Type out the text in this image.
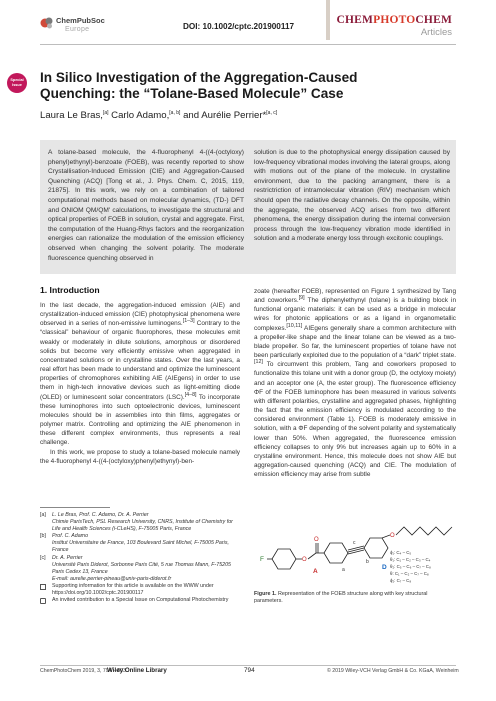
ChemPubSoc
Europe	DOI: 10.1002/cptc.201900117
CHEMPHOTOCHEM
Articles
Special
Issue	In Silico Investigation of the Aggregation-Caused
Quenching: the “Tolane-Based Molecule” Case
Laura Le Bras,[a] Carlo Adamo,[a, b] and Aurélie Perrier*[a, c]
A tolane-based molecule, the 4-fluorophenyl 4-((4-(octyloxy) phenyl)ethynyl)-benzoate (FOEB), was recently reported to show Crystallisation-Induced Emission (CIE) and Aggregation-Caused Quenching (ACQ) [Tong et al., J. Phys. Chem. C, 2015, 119, 21875]. In this work, we rely on a combination of tailored computational methods based on molecular dynamics, (TD-) DFT and ONIOM QM/QM' calculations, to investigate the structural and optical properties of FOEB in solution, crystal and aggregate. First, the computation of the Huang-Rhys factors and the reorganization energies can rationalize the modulation of the emission efficiency observed when changing the solvent polarity. The moderate fluorescence quenching observed in
solution is due to the photophysical energy dissipation caused by low-frequency vibrational modes involving the lateral groups, along with motions out of the plane of the molecule. In crystalline environment, due to the packing arrangment, there is a restrictriction of intramolecular vibration (RIV) mechanism which should open the radiative decay channels. On the opposite, within the aggregate, the observed ACQ arises from two different phenomena, the energy dissipation during the internal conversion process through the low-frequency vibration mode identified in solution and a moderate energy loss through excitonic couplings.
1. Introduction

In the last decade, the aggregation-induced emission (AIE) and crystallization-induced emission (CIE) photophysical phenomena were observed in a series of non-emissive luminogens.[1–3] Contrary to the “classical” behaviour of organic fluorophores, these molecules emit weakly or moderately in dilute solutions, amorphous or disordered solids but become very efficiently emissive when aggregated in concentrated solutions or in crystalline states. Over the last years, a real effort has been made to understand and optimize the luminescent properties of chromophores exhibiting AIE (AIEgens) in order to use them in high-tech innovative devices such as light-emitting diode (OLED) or luminescent solar concentrators (LSC).[4–8] To incorporate these luminophores into such optoelectronic devices, luminescent molecules should be in assemblies into thin films, aggregates or polymer matrix. Controlling and optimizing the AIE phenomenon in these different complex environments, thus represents a real challenge.

In this work, we propose to study a tolane-based molecule namely the 4-fluorophenyl 4-((4-(octyloxy)phenyl)ethynyl)-ben-

zoate (hereafter FOEB), represented on Figure 1 synthesized by Tang and coworkers.[9] The diphenylethynyl (tolane) is a building block in functional organic materials: it can be used as a bridge in molecular wires for photonic applications or as a ligand in organometallic complexes.[10,11] AIEgens generally share a common architecture with a propeller-like shape and the linear tolane can be viewed as a two-blade propeller. So far, the luminescent properties of tolane have not been particularly exploited due to the population of a “dark” triplet state.[12] To circumvent this problem, Tang and coworkers proposed to functionalize this tolane unit with a donor group (D, the octyloxy moiety) and an acceptor one (A, the ester group). The fluorescence efficiency ΦF of the FOEB luminophore has been measured in various solvents with different polarities, crystalline and aggregated phases, highlighting the fact that the emission efficiency is modulated according to the considered environment (Table 1). FOEB is moderately emissive in solution, with a ΦF depending of the solvent polarity and systematically lower than 50%. When aggregated, the fluorescence emission efficiency collapses to only 9% but increases again up to 60% in a crystalline environment. Hence, this molecule does not show AIE but aggregation-caused quenching (ACQ) and CIE. The modulation of emission efficiency may arise from subtle

[a] L. Le Bras, Prof. C. Adamo, Dr. A. Perrier
Chimie ParisTech, PSL Research University, CNRS, Institute of Chemistry for Life and Health Sciences (i-CLeHS), F-75005 Paris, France
[b] Prof. C. Adamo
Institut Universitaire de France, 103 Boulevard Saint Michel, F-75005 Paris, France
[c] Dr. A. Perrier
Université Paris Diderot, Sorbonne Paris Cité, 5 rue Thomas Mann, F-75205 Paris Cedex 13, France
E-mail: aurelie.perrier-pineau@univ-paris-diderot.fr
Supporting information for this article is available on the WWW under https://doi.org/10.1002/cptc.201900117
An invited contribution to a Special Issue on Computational Photochemistry
O
F	O
O
A
c
a
b
D
ϕ₁: C₄ – C₅
θ₁: C₁ – C₂ – C₃ – C₄
θ₂: C₅ – C₆ – C₇ – C₈
θ: C₁ – C₂ – C₇ – C₈
ϕ₂: C₇ – C₈
Figure 1. Representation of the FOEB structure along with key structural parameters.
ChemPhotoChem 2019, 3, 794 – 803
Wiley Online Library	794	© 2019 Wiley-VCH Verlag GmbH & Co. KGaA, Weinheim
